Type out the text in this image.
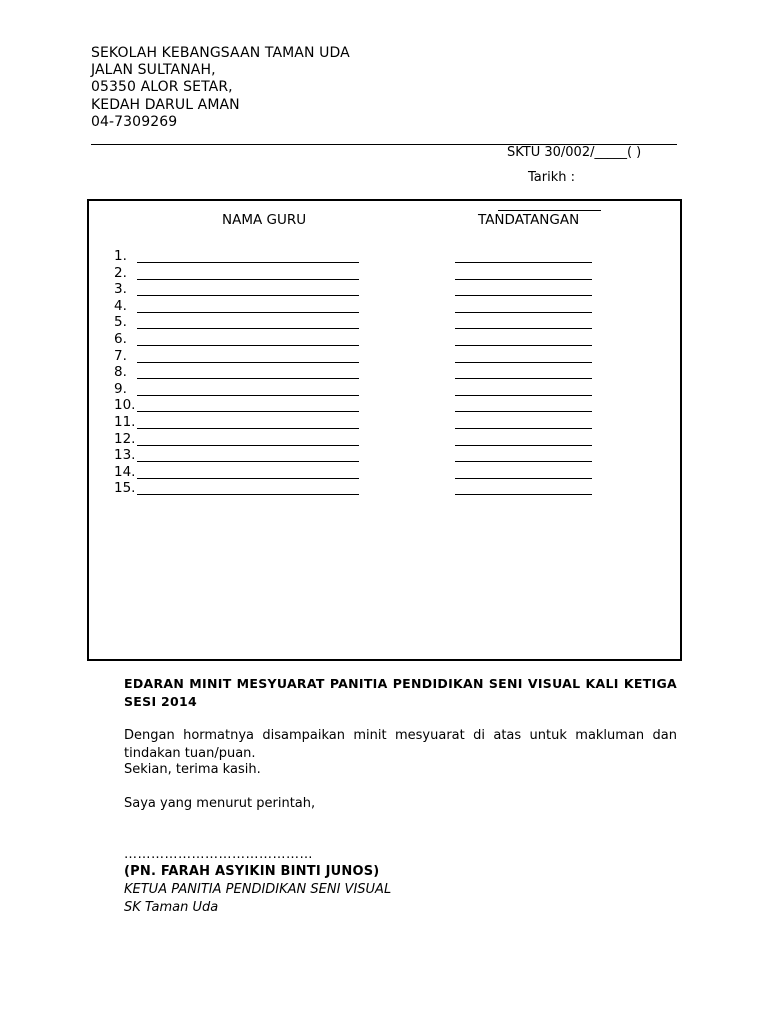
SEKOLAH KEBANGSAAN TAMAN UDA
JALAN SULTANAH,
05350 ALOR SETAR,
KEDAH DARUL AMAN
04-7309269
SKTU 30/002/_____( )
Tarikh :
NAMA GURU	TANDATANGAN
1.
2.
3.
4.
5.
6.
7.
8.
9.
10.
11.
12.
13.
14.
15.
EDARAN MINIT MESYUARAT PANITIA PENDIDIKAN SENI VISUAL KALI KETIGA SESI 2014
Dengan hormatnya disampaikan minit mesyuarat di atas untuk makluman dan
tindakan tuan/puan.
Sekian, terima kasih.
Saya yang menurut perintah,
……………………………………
(PN. FARAH ASYIKIN BINTI JUNOS)
KETUA PANITIA PENDIDIKAN SENI VISUAL
SK Taman Uda
